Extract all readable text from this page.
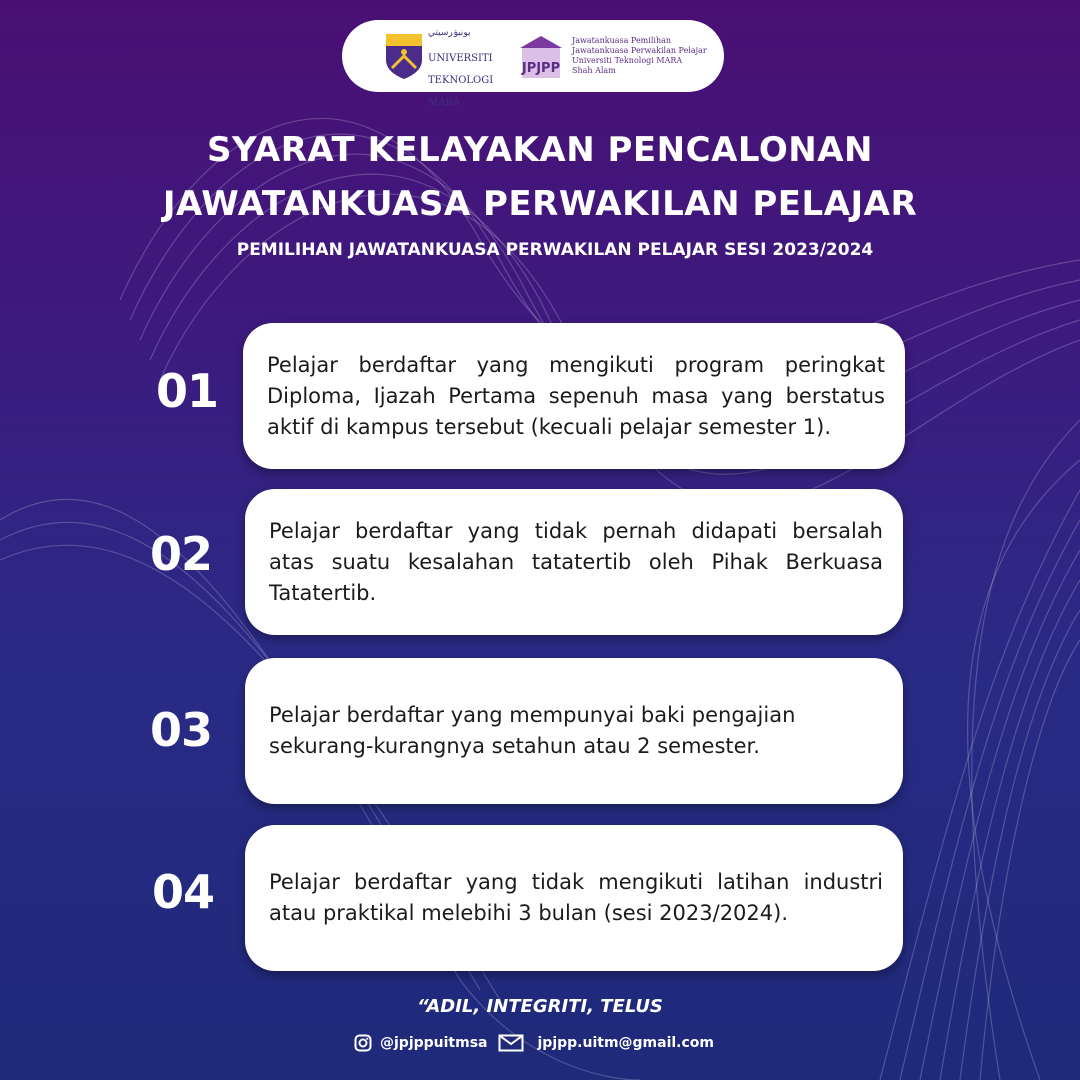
يونيۏرسيتي

UNIVERSITI

TEKNOLOGI

MARA

JPJPP
Jawatankuasa Pemilihan
Jawatankuasa Perwakilan Pelajar
Universiti Teknologi MARA
Shah Alam
SYARAT KELAYAKAN PENCALONAN
JAWATANKUASA PERWAKILAN PELAJAR
PEMILIHAN JAWATANKUASA PERWAKILAN PELAJAR SESI 2023/2024
01 Pelajar berdaftar yang mengikuti program peringkat Diploma, Ijazah Pertama sepenuh masa yang berstatus aktif di kampus tersebut (kecuali pelajar semester 1).

02	Pelajar berdaftar yang tidak pernah didapati bersalah atas suatu kesalahan tatatertib oleh Pihak Berkuasa Tatatertib.

03	Pelajar berdaftar yang mempunyai baki pengajian sekurang-kurangnya setahun atau 2 semester.

04	Pelajar berdaftar yang tidak mengikuti latihan industri atau praktikal melebihi 3 bulan (sesi 2023/2024).

“ADIL, INTEGRITI, TELUS
@jpjppuitmsa	jpjpp.uitm@gmail.com
